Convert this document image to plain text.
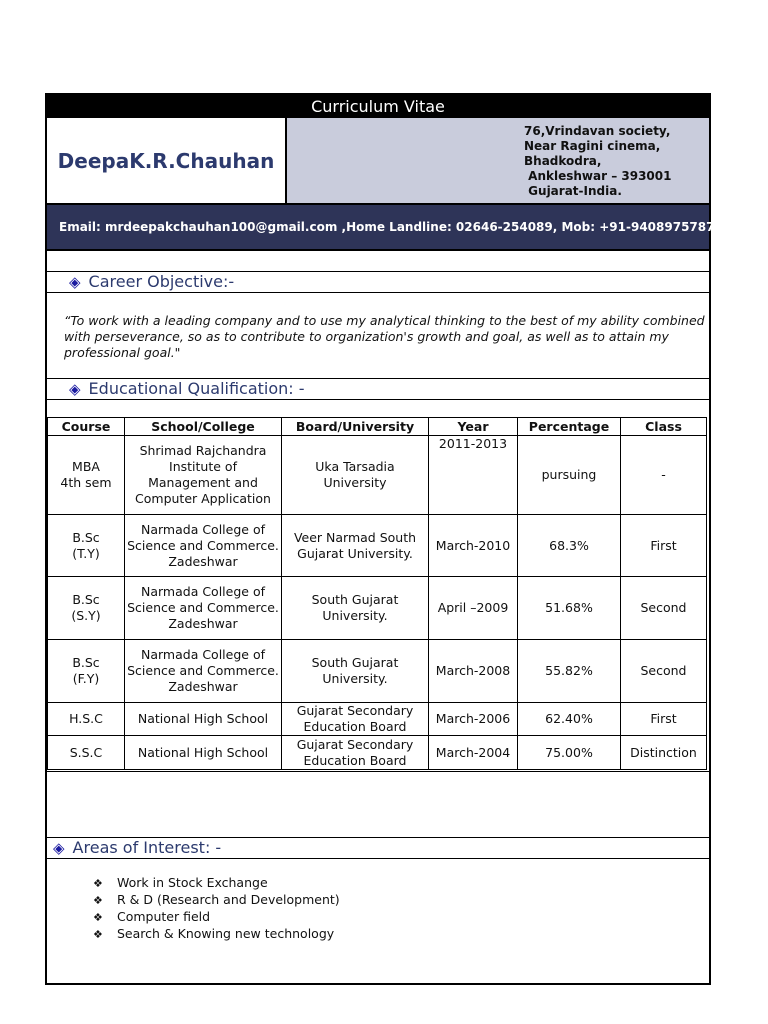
Curriculum Vitae
DeepaK.R.Chauhan
76,Vrindavan society,
Near Ragini cinema,
Bhadkodra,
Ankleshwar – 393001
Gujarat-India.
Email: mrdeepakchauhan100@gmail.com ,Home Landline: 02646-254089, Mob: +91-9408975787
◈ Career Objective:-
“To work with a leading company and to use my analytical thinking to the best of my ability combined with perseverance, so as to contribute to organization's growth and goal, as well as to attain my professional goal."
◈ Educational Qualification: -
Course	School/College	Board/University	Year	Percentage	Class
MBA
4th sem	Shrimad Rajchandra Institute of Management and Computer Application	Uka Tarsadia University	2011-2013	pursuing	-
B.Sc
(T.Y)	Narmada College of Science and Commerce. Zadeshwar	Veer Narmad South Gujarat University.	March-2010	68.3%	First
B.Sc
(S.Y)	Narmada College of Science and Commerce. Zadeshwar	South Gujarat University.	April –2009	51.68%	Second
B.Sc
(F.Y)	Narmada College of Science and Commerce. Zadeshwar	South Gujarat University.	March-2008	55.82%	Second
H.S.C	National High School	Gujarat Secondary Education Board	March-2006	62.40%	First
S.S.C	National High School	Gujarat Secondary Education Board	March-2004	75.00%	Distinction
◈ Areas of Interest: -
❖ Work in Stock Exchange
❖ R & D (Research and Development)
❖ Computer field
❖ Search & Knowing new technology
